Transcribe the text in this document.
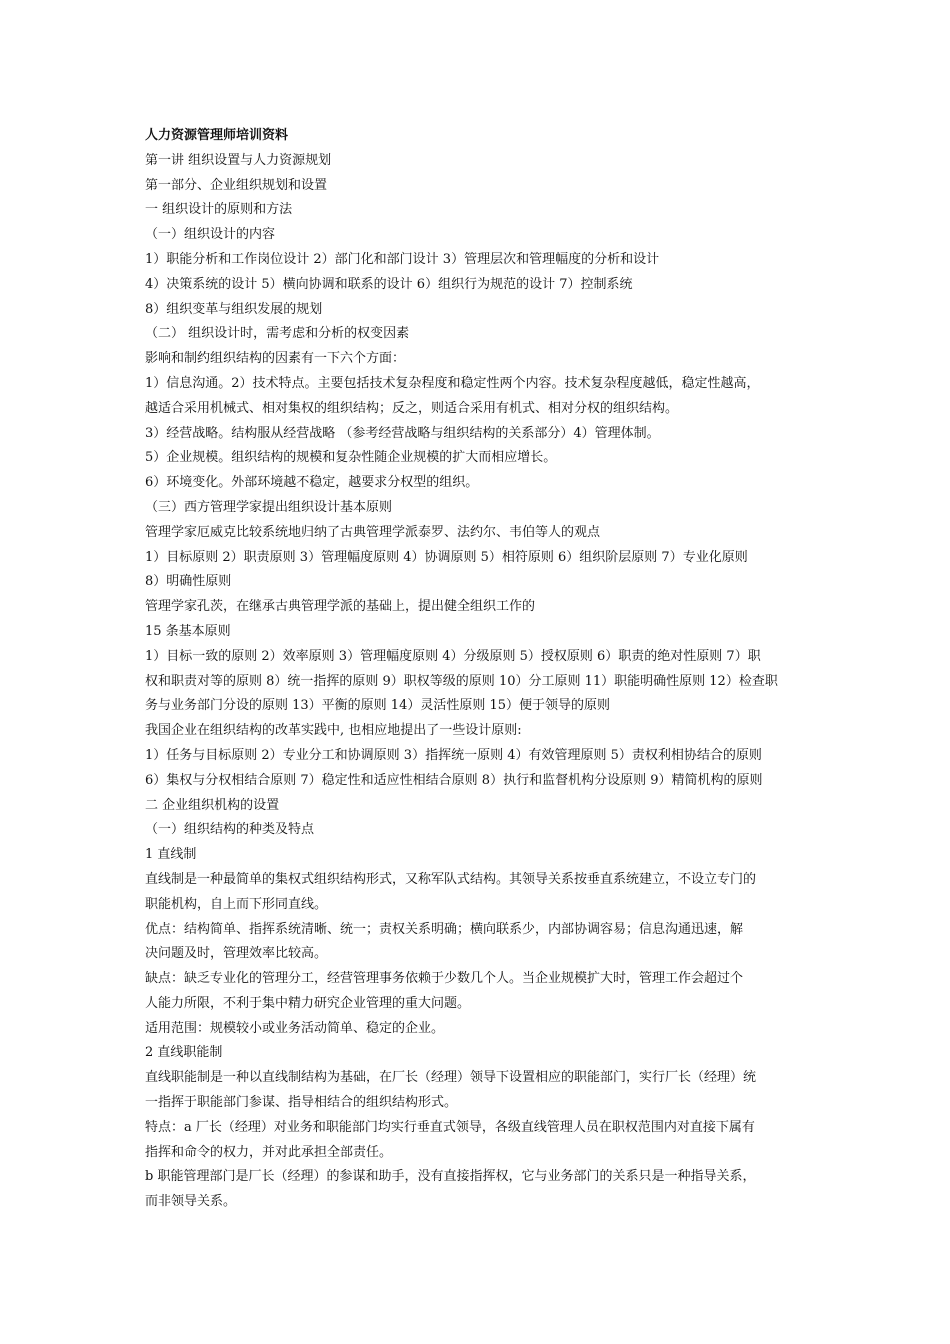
人力资源管理师培训资料
第一讲 组织设置与人力资源规划
第一部分、企业组织规划和设置
一 组织设计的原则和方法
（一）组织设计的内容
1）职能分析和工作岗位设计 2）部门化和部门设计 3）管理层次和管理幅度的分析和设计
4）决策系统的设计 5）横向协调和联系的设计 6）组织行为规范的设计 7）控制系统
8）组织变革与组织发展的规划
（二） 组织设计时，需考虑和分析的权变因素
影响和制约组织结构的因素有一下六个方面：
1）信息沟通。2）技术特点。主要包括技术复杂程度和稳定性两个内容。技术复杂程度越低，稳定性越高，
越适合采用机械式、相对集权的组织结构；反之，则适合采用有机式、相对分权的组织结构。
3）经营战略。结构服从经营战略 （参考经营战略与组织结构的关系部分）4）管理体制。
5）企业规模。组织结构的规模和复杂性随企业规模的扩大而相应增长。
6）环境变化。外部环境越不稳定，越要求分权型的组织。
（三）西方管理学家提出组织设计基本原则
管理学家厄威克比较系统地归纳了古典管理学派泰罗、法约尔、韦伯等人的观点
1）目标原则 2）职责原则 3）管理幅度原则 4）协调原则 5）相符原则 6）组织阶层原则 7）专业化原则
8）明确性原则
管理学家孔茨，在继承古典管理学派的基础上，提出健全组织工作的
15 条基本原则
1）目标一致的原则 2）效率原则 3）管理幅度原则 4）分级原则 5）授权原则 6）职责的绝对性原则 7）职
权和职责对等的原则 8）统一指挥的原则 9）职权等级的原则 10）分工原则 11）职能明确性原则 12）检查职
务与业务部门分设的原则 13）平衡的原则 14）灵活性原则 15）便于领导的原则
我国企业在组织结构的改革实践中, 也相应地提出了一些设计原则:
1）任务与目标原则 2）专业分工和协调原则 3）指挥统一原则 4）有效管理原则 5）责权利相协结合的原则
6）集权与分权相结合原则 7）稳定性和适应性相结合原则 8）执行和监督机构分设原则 9）精简机构的原则
二 企业组织机构的设置
（一）组织结构的种类及特点
1 直线制
直线制是一种最简单的集权式组织结构形式，又称军队式结构。其领导关系按垂直系统建立，不设立专门的
职能机构，自上而下形同直线。
优点：结构简单、指挥系统清晰、统一；责权关系明确；横向联系少，内部协调容易；信息沟通迅速，解
决问题及时，管理效率比较高。
缺点：缺乏专业化的管理分工，经营管理事务依赖于少数几个人。当企业规模扩大时，管理工作会超过个
人能力所限，不利于集中精力研究企业管理的重大问题。
适用范围：规模较小或业务活动简单、稳定的企业。
2 直线职能制
直线职能制是一种以直线制结构为基础，在厂长（经理）领导下设置相应的职能部门，实行厂长（经理）统
一指挥于职能部门参谋、指导相结合的组织结构形式。
特点：a 厂长（经理）对业务和职能部门均实行垂直式领导，各级直线管理人员在职权范围内对直接下属有
指挥和命令的权力，并对此承担全部责任。
b 职能管理部门是厂长（经理）的参谋和助手，没有直接指挥权，它与业务部门的关系只是一种指导关系，
而非领导关系。
